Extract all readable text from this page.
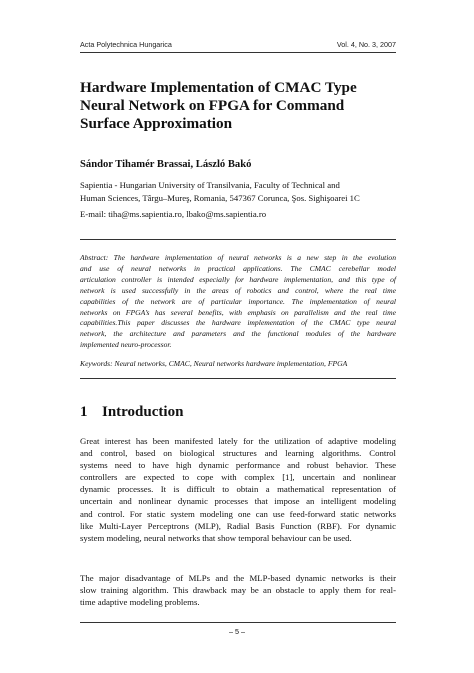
Acta Polytechnica Hungarica	Vol. 4, No. 3, 2007
Hardware Implementation of CMAC Type
Neural Network on FPGA for Command
Surface Approximation
Sándor Tihamér Brassai, László Bakó
Sapientia - Hungarian University of Transilvania, Faculty of Technical and
Human Sciences, Târgu–Mureş, Romania, 547367 Corunca, Şos. Sighişoarei 1C
E-mail: tiha@ms.sapientia.ro, lbako@ms.sapientia.ro
Abstract: The hardware implementation of neural networks is a new step in the evolution
and use of neural networks in practical applications. The CMAC cerebellar model
articulation controller is intended especially for hardware implementation, and this type of
network is used successfully in the areas of robotics and control, where the real time
capabilities of the network are of particular importance. The implementation of neural
networks on FPGA’s has several benefits, with emphasis on parallelism and the real time
capabilities.This paper discusses the hardware implementation of the CMAC type neural
network, the architecture and parameters and the functional modules of the hardware
implemented neuro-processor.
Keywords: Neural networks, CMAC, Neural networks hardware implementation, FPGA
1 Introduction
Great interest has been manifested lately for the utilization of adaptive modeling
and control, based on biological structures and learning algorithms. Control
systems need to have high dynamic performance and robust behavior. These
controllers are expected to cope with complex [1], uncertain and nonlinear
dynamic processes. It is difficult to obtain a mathematical representation of
uncertain and nonlinear dynamic processes that impose an intelligent modeling
and control. For static system modeling one can use feed-forward static networks
like Multi-Layer Perceptrons (MLP), Radial Basis Function (RBF). For dynamic
system modeling, neural networks that show temporal behaviour can be used.
The major disadvantage of MLPs and the MLP-based dynamic networks is their
slow training algorithm. This drawback may be an obstacle to apply them for real-
time adaptive modeling problems.
– 5 –
